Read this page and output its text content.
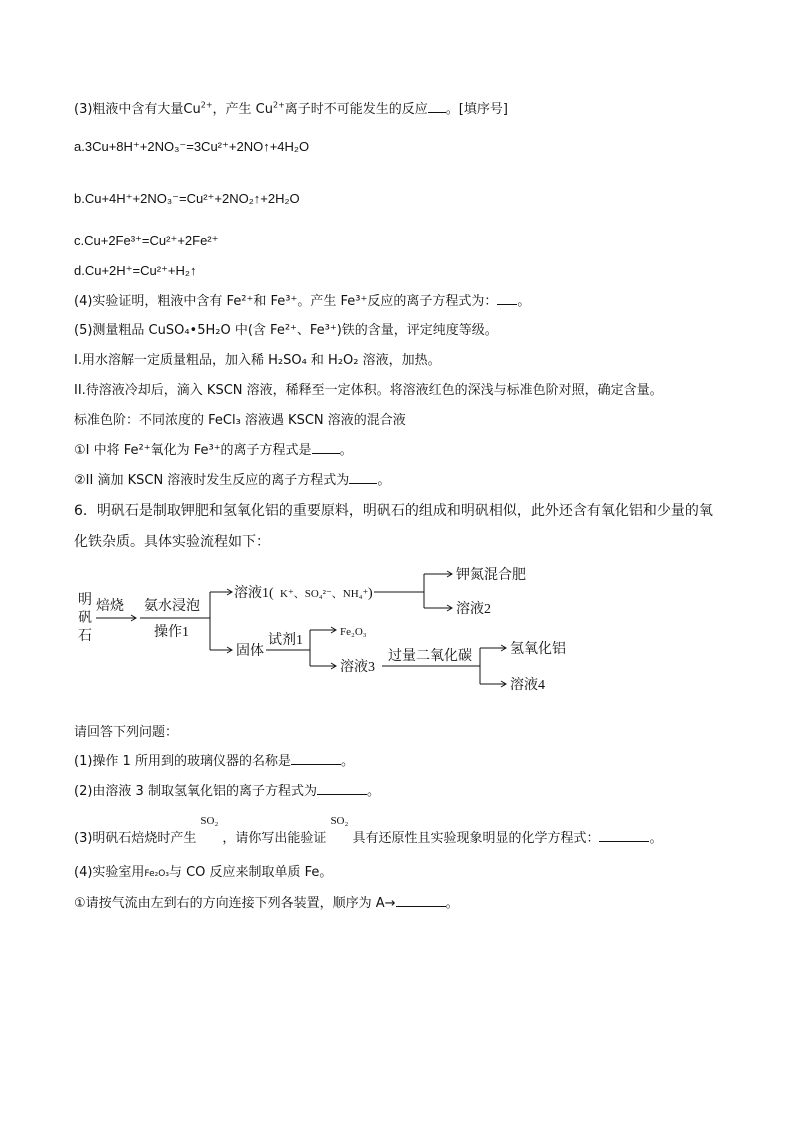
(3)粗液中含有大量$Cu^{2+}$，产生 $Cu^{2+}$离子时不可能发生的反应 。[填序号]
a.3Cu+8H⁺+2NO₃⁻=3Cu²⁺+2NO↑+4H₂O
b.Cu+4H⁺+2NO₃⁻=Cu²⁺+2NO₂↑+2H₂O
c.Cu+2Fe³⁺=Cu²⁺+2Fe²⁺
d.Cu+2H⁺=Cu²⁺+H₂↑
(4)实验证明，粗液中含有 Fe²⁺和 Fe³⁺。产生 Fe³⁺反应的离子方程式为： 。
(5)测量粗品 CuSO₄•5H₂O 中(含 Fe²⁺、Fe³⁺)铁的含量，评定纯度等级。
I.用水溶解一定质量粗品，加入稀 H₂SO₄ 和 H₂O₂ 溶液，加热。
II.待溶液冷却后，滴入 KSCN 溶液，稀释至一定体积。将溶液红色的深浅与标准色阶对照，确定含量。
标准色阶：不同浓度的 FeCl₃ 溶液遇 KSCN 溶液的混合液
①I 中将 Fe²⁺氧化为 Fe³⁺的离子方程式是 。
②II 滴加 KSCN 溶液时发生反应的离子方程式为 。
6．明矾石是制取钾肥和氢氧化铝的重要原料，明矾石的组成和明矾相似，此外还含有氧化铝和少量的氧
化铁杂质。具体实验流程如下：
明
矾
石
焙烧 氨水浸泡
操作1
溶液1( K⁺、SO₄²⁻、NH₄⁺ )
钾氮混合肥
溶液2
固体
试剂1
Fe₂O₃
溶液3
过量二氧化碳	氢氧化铝
溶液4
请回答下列问题：
(1)操作 1 所用到的玻璃仪器的名称是	。
(2)由溶液 3 制取氢氧化铝的离子方程式为	。
(3)明矾石焙烧时产生
SO₂
，请你写出能验证
SO₂
具有还原性且实验现象明显的化学方程式：	。
(4)实验室用Fe₂O₃与 CO 反应来制取单质 Fe。
①请按气流由左到右的方向连接下列各装置，顺序为 A→	。
